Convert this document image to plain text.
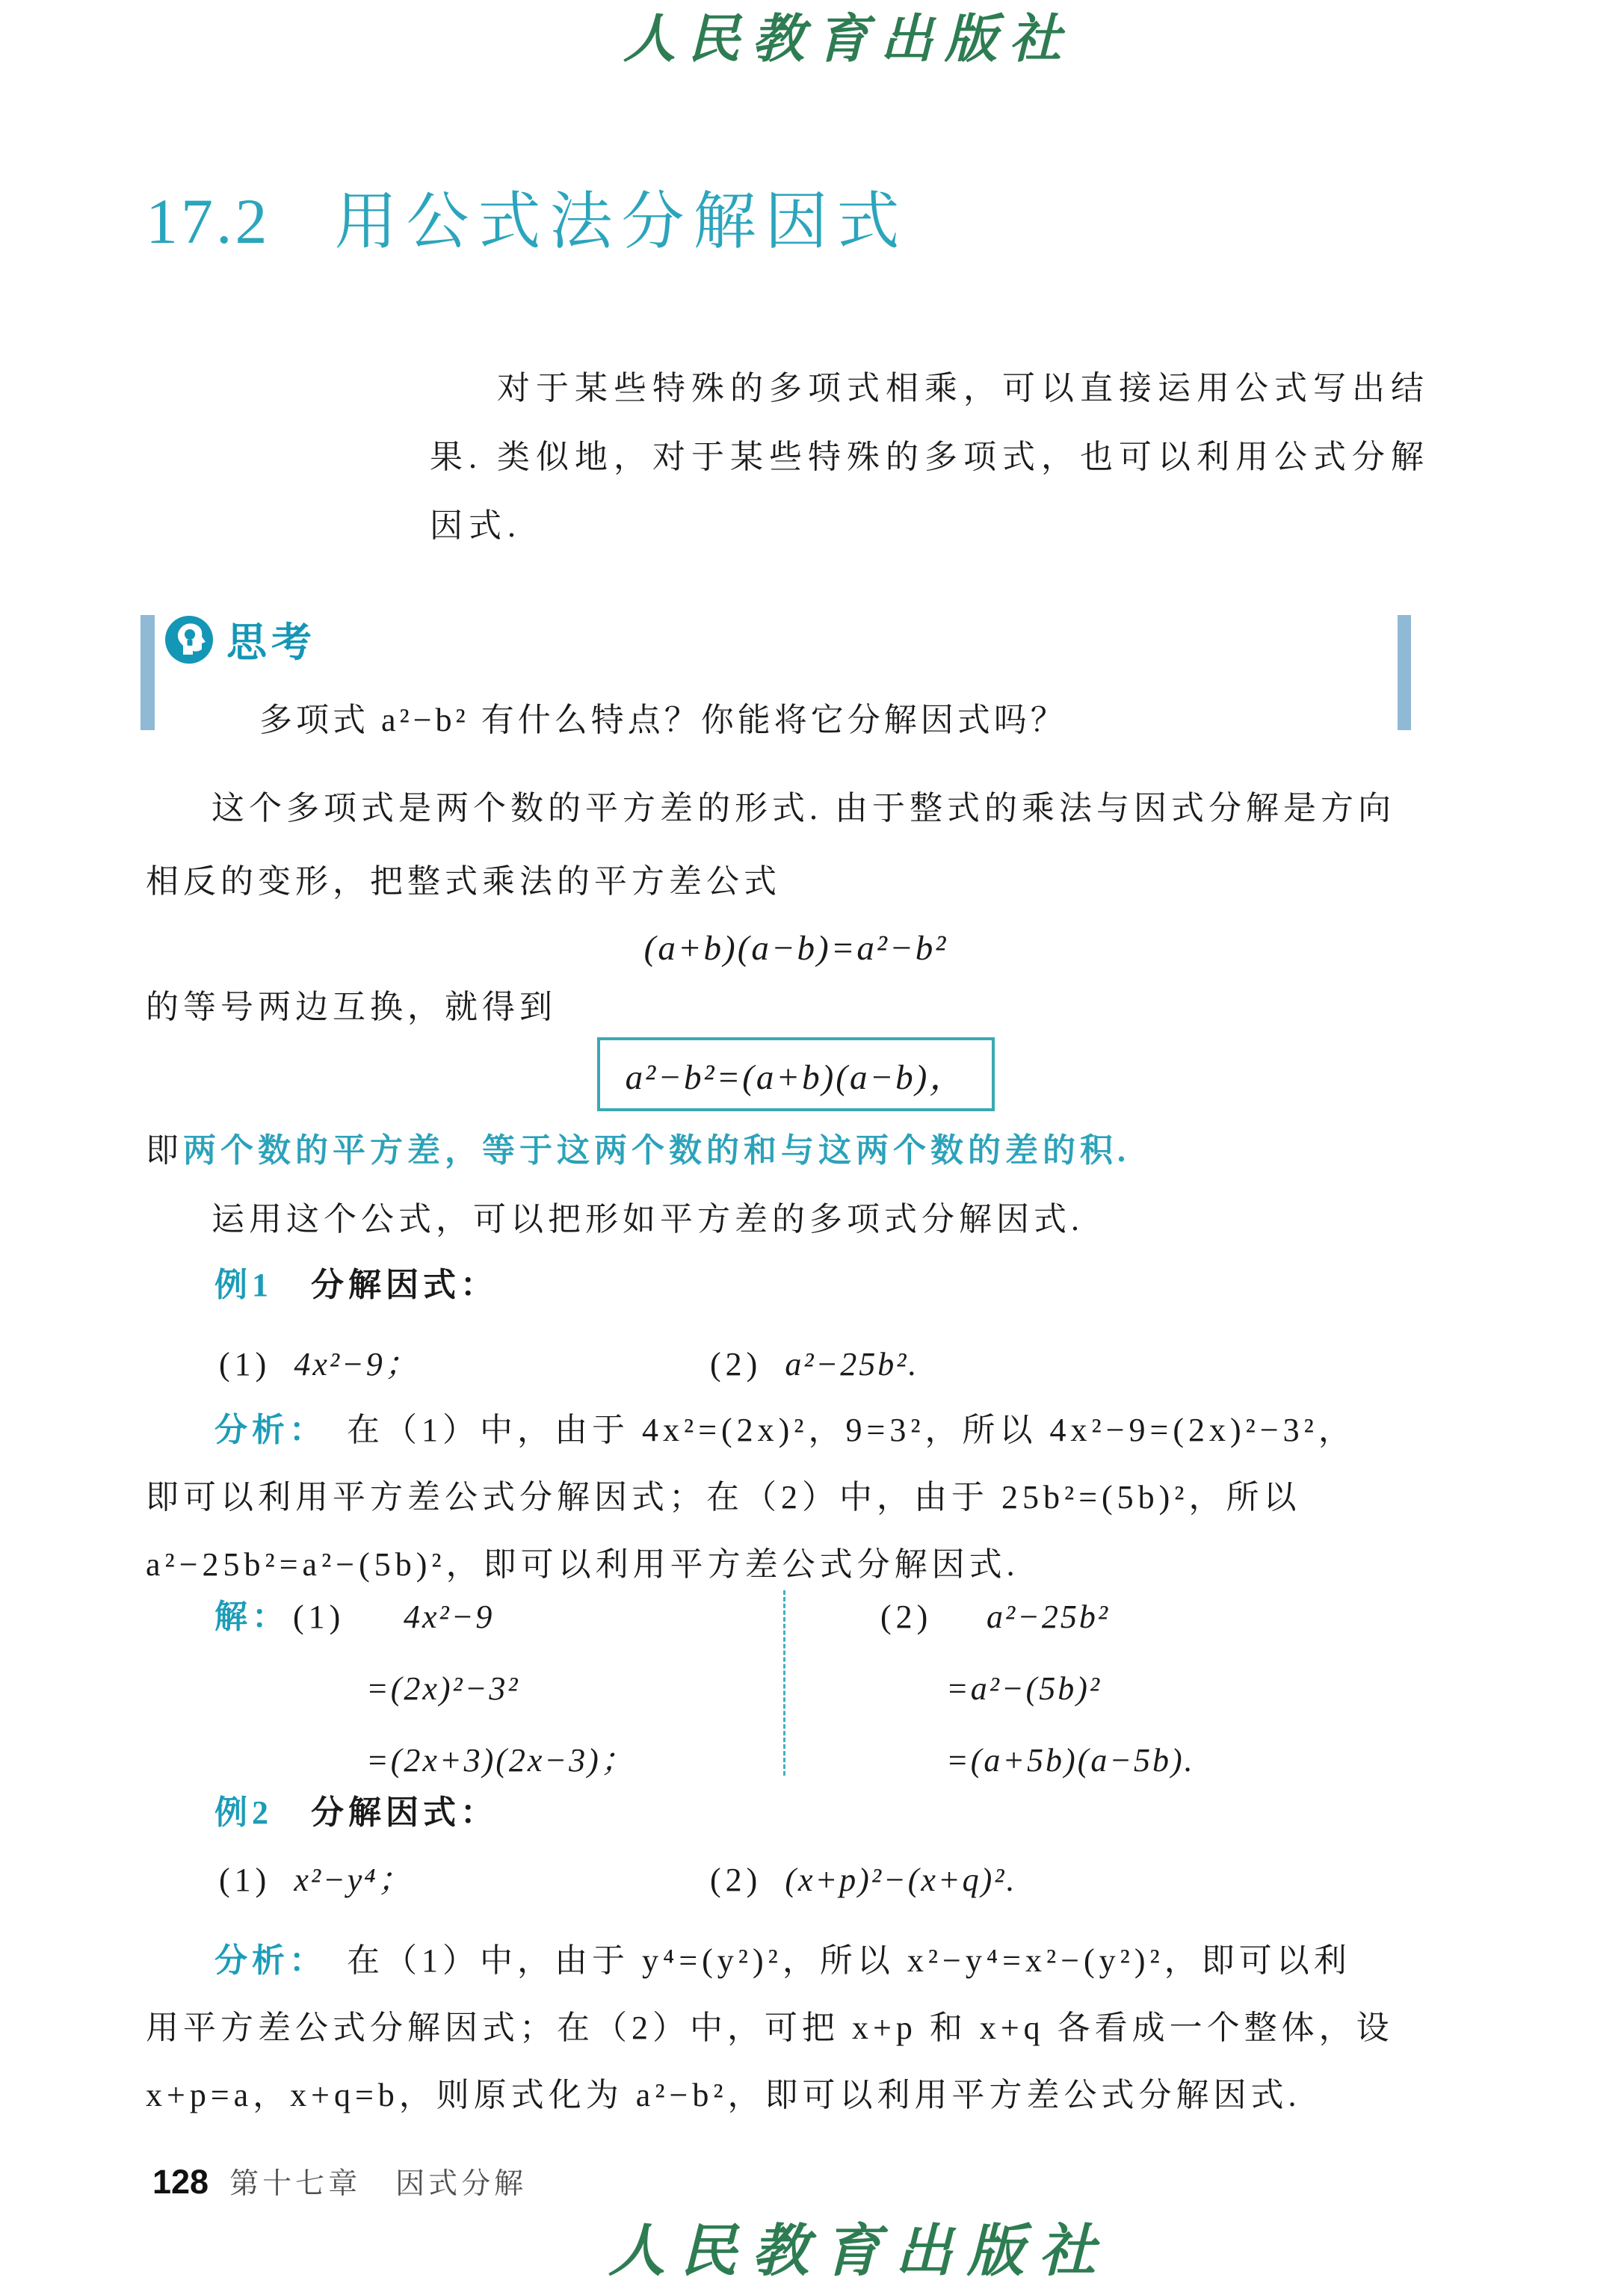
人民教育出版社
17.2 用公式法分解因式
对于某些特殊的多项式相乘，可以直接运用公式写出结
果. 类似地，对于某些特殊的多项式，也可以利用公式分解
因式.
思考
多项式 a²−b² 有什么特点？你能将它分解因式吗？
这个多项式是两个数的平方差的形式. 由于整式的乘法与因式分解是方向
相反的变形，把整式乘法的平方差公式
(a+b)(a−b)=a²−b²
的等号两边互换，就得到
a²−b²=(a+b)(a−b)，
即两个数的平方差，等于这两个数的和与这两个数的差的积.
运用这个公式，可以把形如平方差的多项式分解因式.
例1 分解因式：
(1) 4x²−9；	(2) a²−25b².
分析： 在（1）中，由于 4x²=(2x)²，9=3²，所以 4x²−9=(2x)²−3²，
即可以利用平方差公式分解因式；在（2）中，由于 25b²=(5b)²，所以
a²−25b²=a²−(5b)²，即可以利用平方差公式分解因式.
解： (1) 4x²−9
=(2x)²−3²
=(2x+3)(2x−3)；
(2) a²−25b²
=a²−(5b)²
=(a+5b)(a−5b).
例2 分解因式：
(1) x²−y⁴；	(2) (x+p)²−(x+q)².
分析： 在（1）中，由于 y⁴=(y²)²，所以 x²−y⁴=x²−(y²)²，即可以利
用平方差公式分解因式；在（2）中，可把 x+p 和 x+q 各看成一个整体，设
x+p=a，x+q=b，则原式化为 a²−b²，即可以利用平方差公式分解因式.
128 第十七章 因式分解
人民教育出版社
